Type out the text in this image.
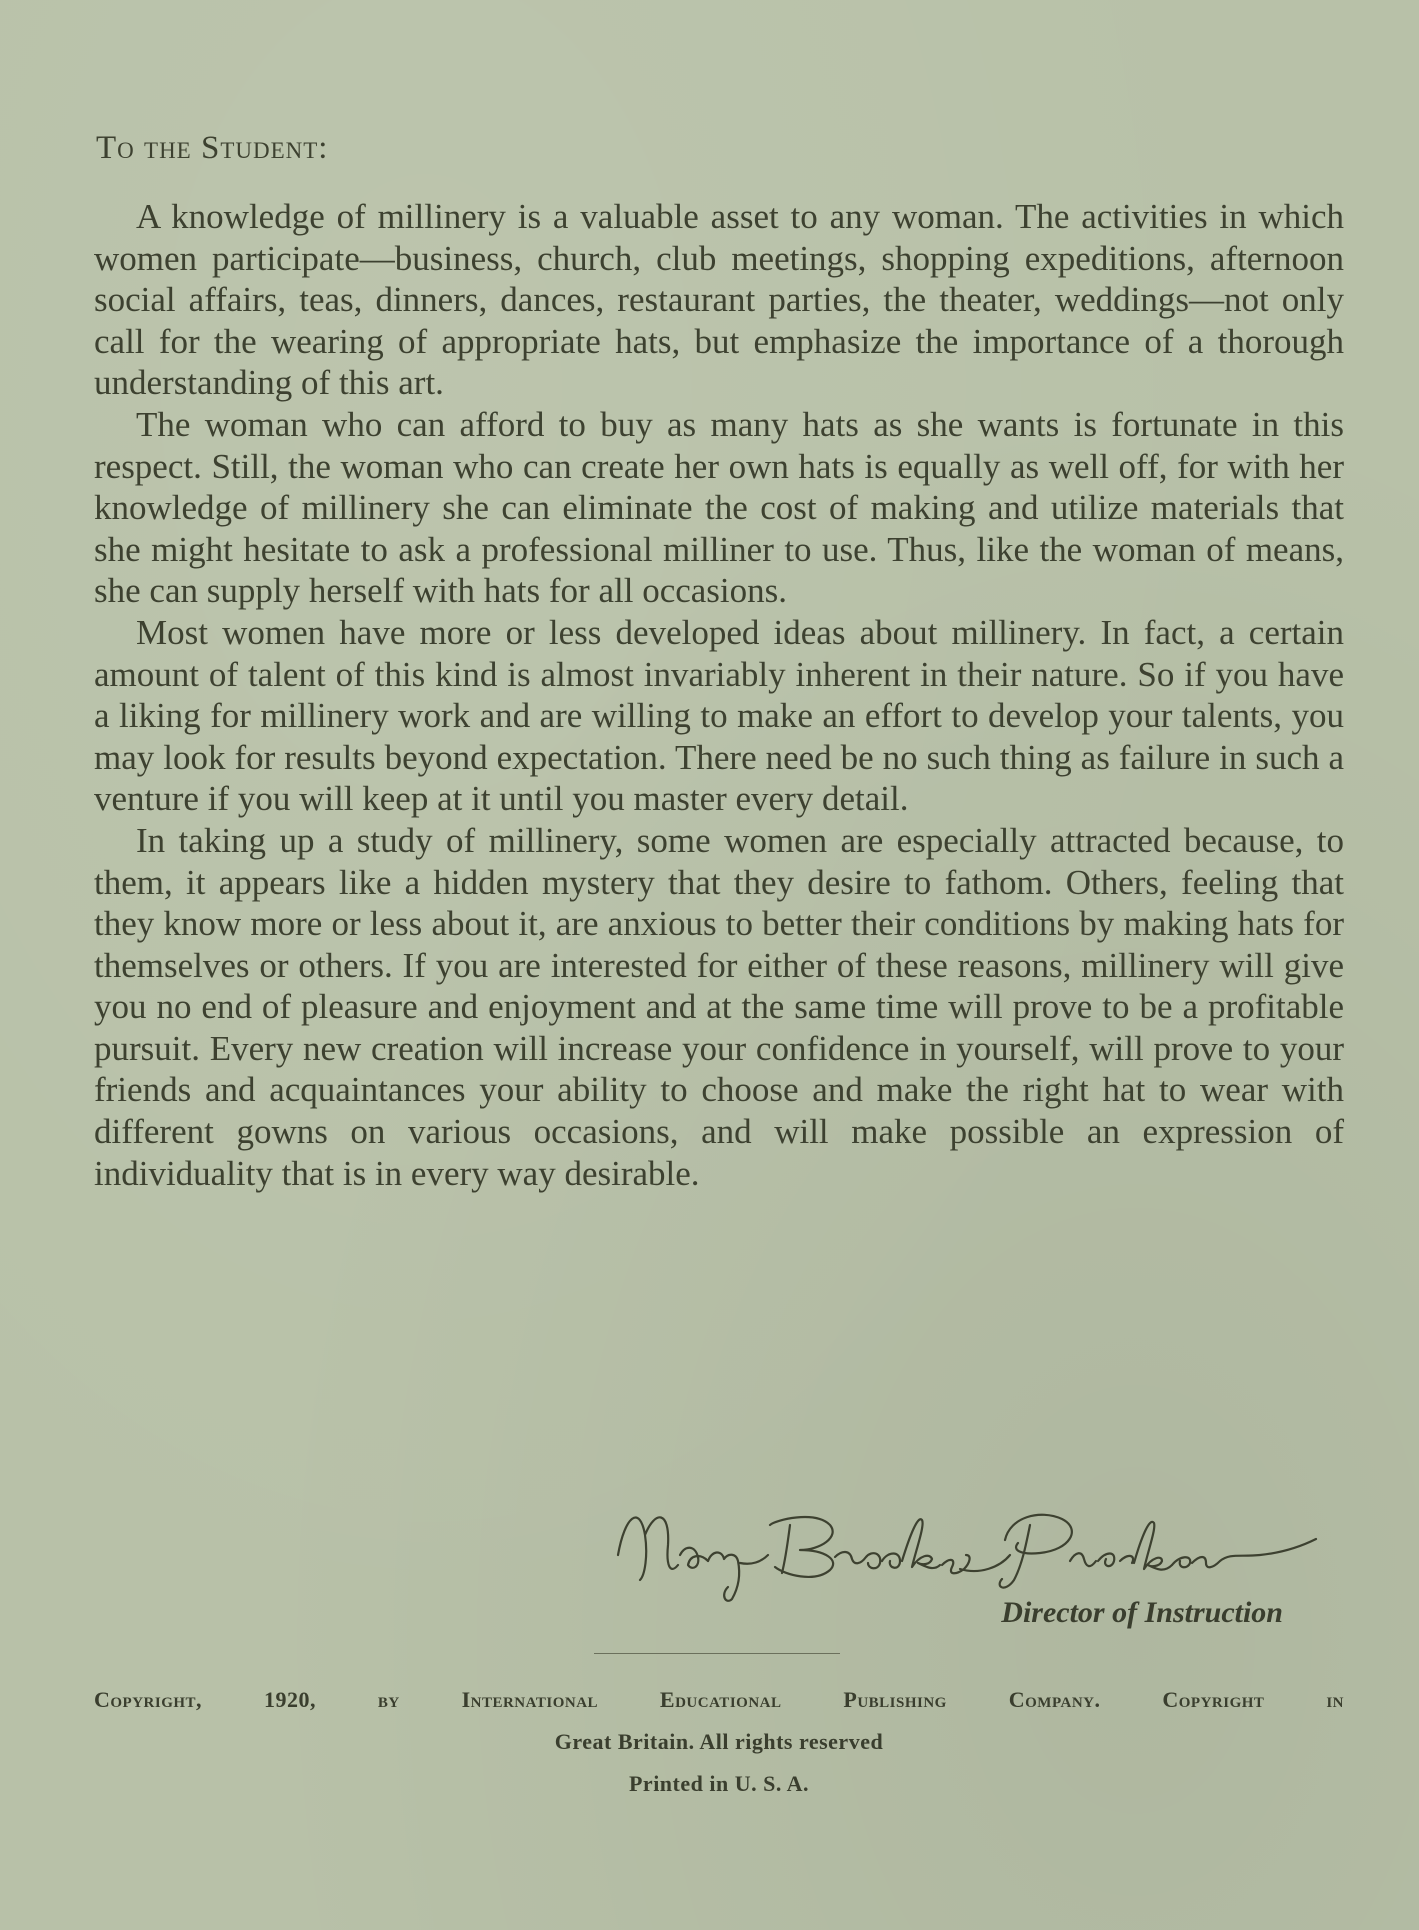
To the Student:

A knowledge of millinery is a valuable asset to any woman. The activities in which women participate—business, church, club meetings, shopping expeditions, afternoon social affairs, teas, dinners, dances, restaurant parties, the theater, weddings—not only call for the wearing of appropriate hats, but emphasize the importance of a thorough understanding of this art.

The woman who can afford to buy as many hats as she wants is fortunate in this respect. Still, the woman who can create her own hats is equally as well off, for with her knowledge of millinery she can eliminate the cost of making and utilize materials that she might hesitate to ask a professional milliner to use. Thus, like the woman of means, she can supply herself with hats for all occasions.

Most women have more or less developed ideas about millinery. In fact, a certain amount of talent of this kind is almost invariably inherent in their nature. So if you have a liking for millinery work and are willing to make an effort to develop your talents, you may look for results beyond expectation. There need be no such thing as failure in such a venture if you will keep at it until you master every detail.

In taking up a study of millinery, some women are especially attracted because, to them, it appears like a hidden mystery that they desire to fathom. Others, feeling that they know more or less about it, are anxious to better their conditions by making hats for themselves or others. If you are interested for either of these reasons, millinery will give you no end of pleasure and enjoyment and at the same time will prove to be a profitable pursuit. Every new creation will increase your confidence in yourself, will prove to your friends and acquaintances your ability to choose and make the right hat to wear with different gowns on various occasions, and will make possible an expression of individuality that is in every way desirable.

Director of Instruction
Copyright, 1920, by International Educational Publishing Company. Copyright in
Great Britain. All rights reserved
Printed in U. S. A.
